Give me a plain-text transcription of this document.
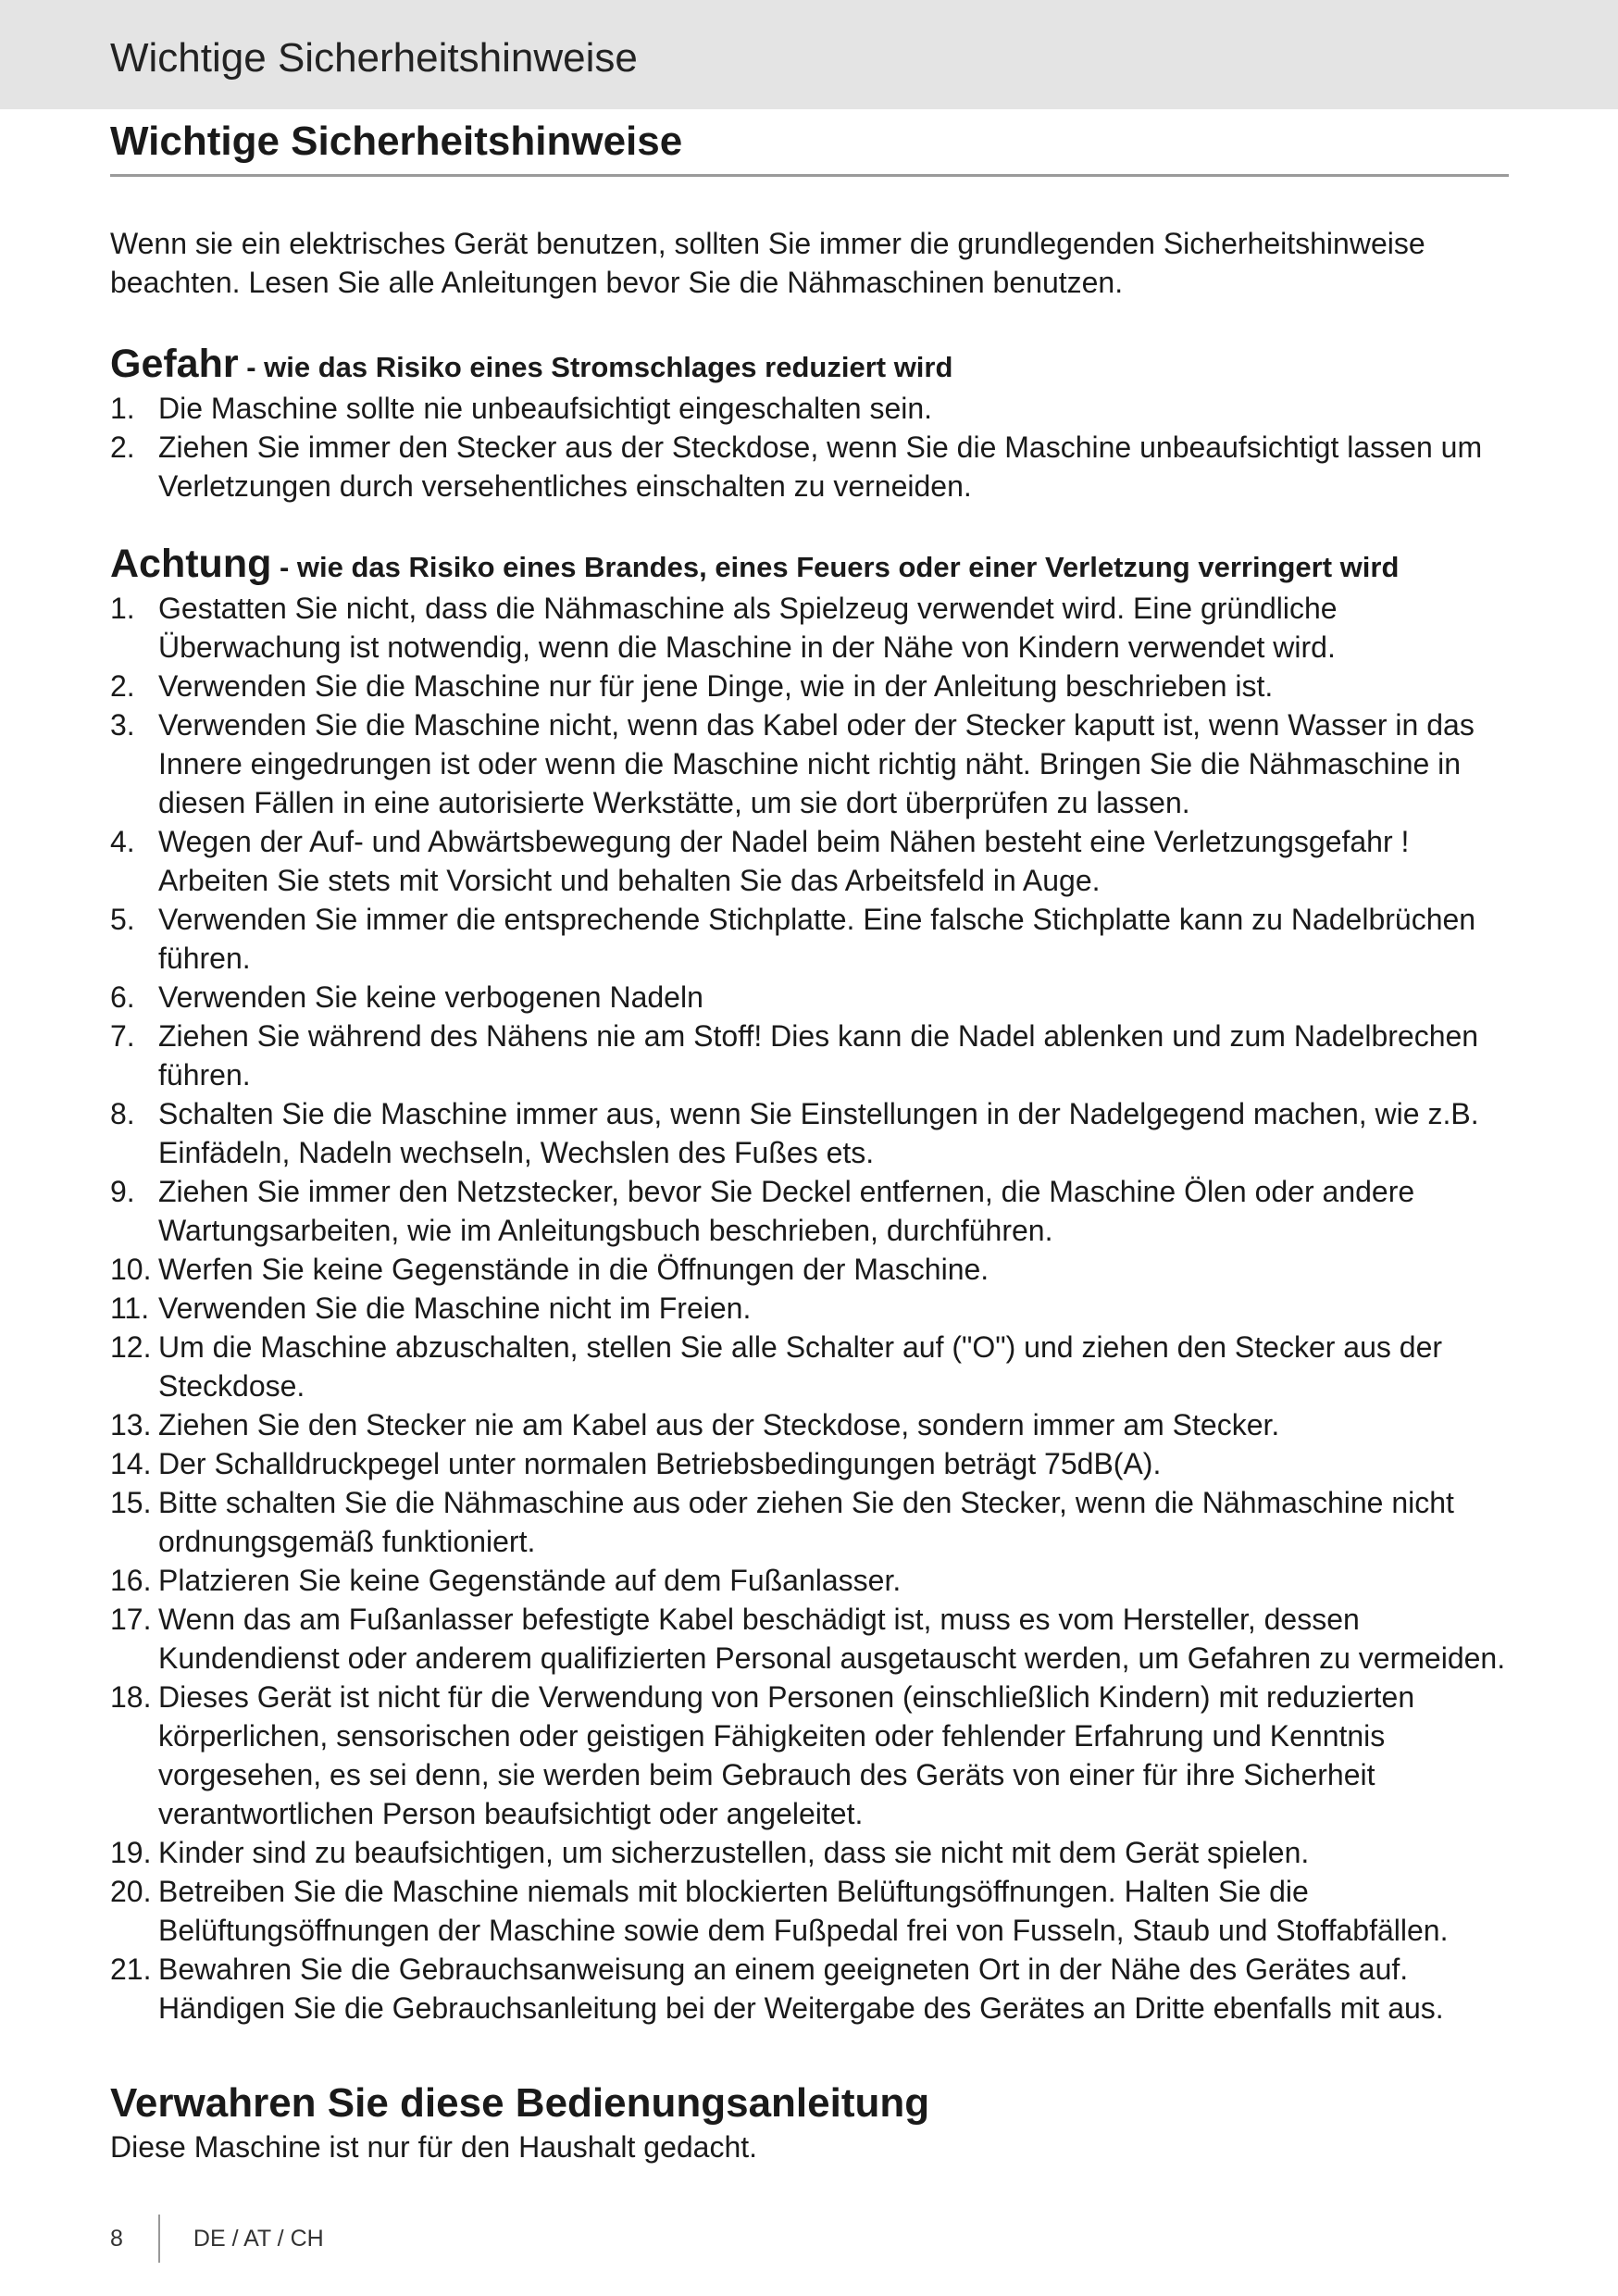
Wichtige Sicherheitshinweise
Wichtige Sicherheitshinweise

Wenn sie ein elektrisches Gerät benutzen, sollten Sie immer die grundlegenden Sicherheitshinweise beachten. Lesen Sie alle Anleitungen bevor Sie die Nähmaschinen benutzen.

Gefahr - wie das Risiko eines Stromschlages reduziert wird
1. Die Maschine sollte nie unbeaufsichtigt eingeschalten sein.
2. Ziehen Sie immer den Stecker aus der Steckdose, wenn Sie die Maschine unbeaufsichtigt lassen um Verletzungen durch versehentliches einschalten zu verneiden.
Achtung - wie das Risiko eines Brandes, eines Feuers oder einer Verletzung verringert wird
1. Gestatten Sie nicht, dass die Nähmaschine als Spielzeug verwendet wird. Eine gründliche Überwachung ist notwendig, wenn die Maschine in der Nähe von Kindern verwendet wird.
2. Verwenden Sie die Maschine nur für jene Dinge, wie in der Anleitung beschrieben ist.
3. Verwenden Sie die Maschine nicht, wenn das Kabel oder der Stecker kaputt ist, wenn Wasser in das Innere eingedrungen ist oder wenn die Maschine nicht richtig näht. Bringen Sie die Nähmaschine in diesen Fällen in eine autorisierte Werkstätte, um sie dort überprüfen zu lassen.
4. Wegen der Auf- und Abwärtsbewegung der Nadel beim Nähen besteht eine Verletzungsgefahr ! Arbeiten Sie stets mit Vorsicht und behalten Sie das Arbeitsfeld in Auge.
5. Verwenden Sie immer die entsprechende Stichplatte. Eine falsche Stichplatte kann zu Nadelbrüchen führen.
6. Verwenden Sie keine verbogenen Nadeln
7. Ziehen Sie während des Nähens nie am Stoff! Dies kann die Nadel ablenken und zum Nadelbrechen führen.
8. Schalten Sie die Maschine immer aus, wenn Sie Einstellungen in der Nadelgegend machen, wie z.B. Einfädeln, Nadeln wechseln, Wechslen des Fußes ets.
9. Ziehen Sie immer den Netzstecker, bevor Sie Deckel entfernen, die Maschine Ölen oder andere Wartungsarbeiten, wie im Anleitungsbuch beschrieben, durchführen.
10. Werfen Sie keine Gegenstände in die Öffnungen der Maschine.
11. Verwenden Sie die Maschine nicht im Freien.
12. Um die Maschine abzuschalten, stellen Sie alle Schalter auf ("O") und ziehen den Stecker aus der Steckdose.
13. Ziehen Sie den Stecker nie am Kabel aus der Steckdose, sondern immer am Stecker.
14. Der Schalldruckpegel unter normalen Betriebsbedingungen beträgt 75dB(A).
15. Bitte schalten Sie die Nähmaschine aus oder ziehen Sie den Stecker, wenn die Nähmaschine nicht ordnungsgemäß funktioniert.
16. Platzieren Sie keine Gegenstände auf dem Fußanlasser.
17. Wenn das am Fußanlasser befestigte Kabel beschädigt ist, muss es vom Hersteller, dessen Kundendienst oder anderem qualifizierten Personal ausgetauscht werden, um Gefahren zu vermeiden.
18. Dieses Gerät ist nicht für die Verwendung von Personen (einschließlich Kindern) mit reduzierten körperlichen, sensorischen oder geistigen Fähigkeiten oder fehlender Erfahrung und Kenntnis vorgesehen, es sei denn, sie werden beim Gebrauch des Geräts von einer für ihre Sicherheit verantwortlichen Person beaufsichtigt oder angeleitet.
19. Kinder sind zu beaufsichtigen, um sicherzustellen, dass sie nicht mit dem Gerät spielen.
20. Betreiben Sie die Maschine niemals mit blockierten Belüftungsöffnungen. Halten Sie die Belüftungsöffnungen der Maschine sowie dem Fußpedal frei von Fusseln, Staub und Stoffabfällen.
21. Bewahren Sie die Gebrauchsanweisung an einem geeigneten Ort in der Nähe des Gerätes auf. Händigen Sie die Gebrauchsanleitung bei der Weitergabe des Gerätes an Dritte ebenfalls mit aus.
Verwahren Sie diese Bedienungsanleitung

Diese Maschine ist nur für den Haushalt gedacht.

8	DE / AT / CH
